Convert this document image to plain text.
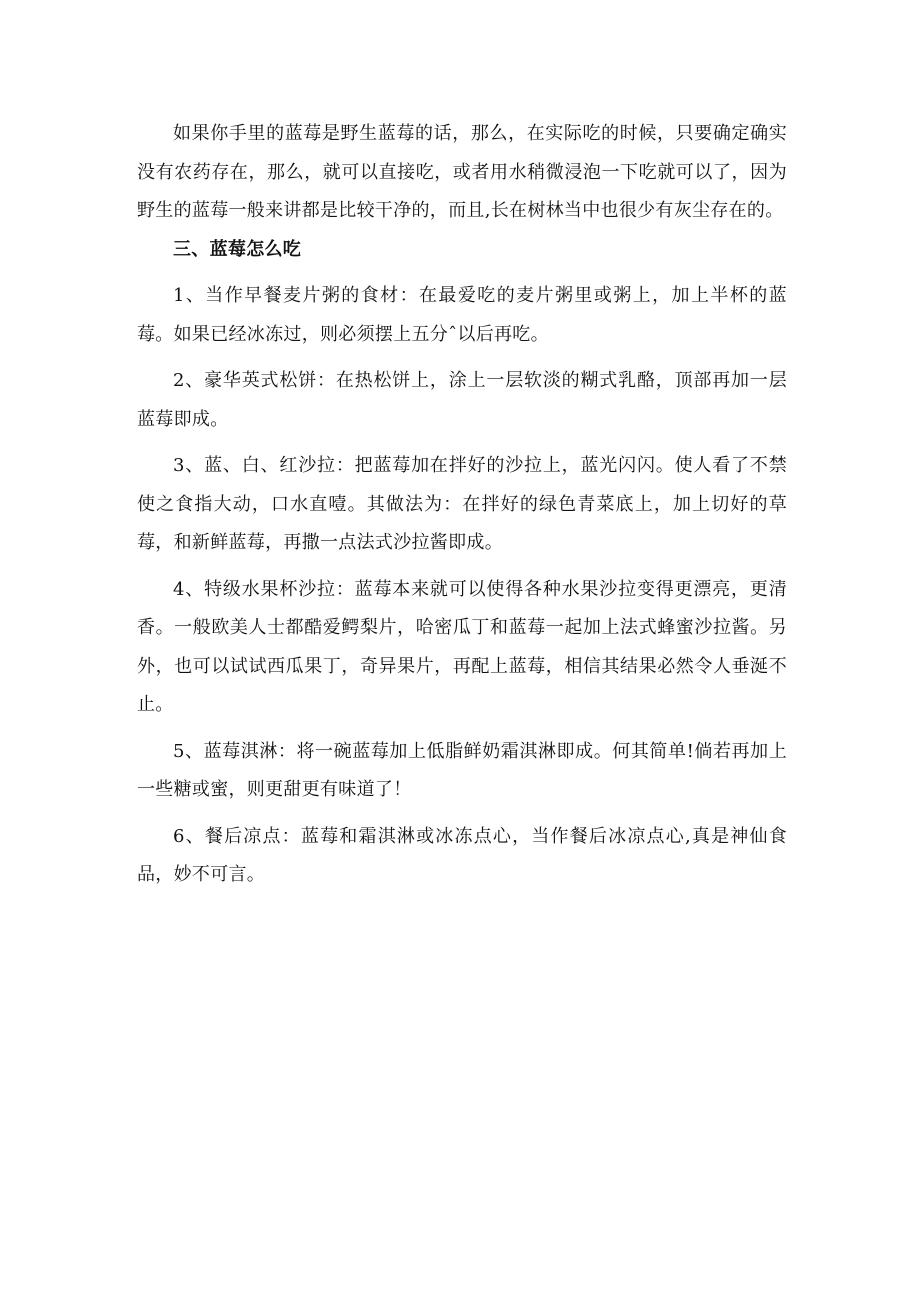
如果你手里的蓝莓是野生蓝莓的话，那么，在实际吃的时候，只要确定确实没有农药存在，那么，就可以直接吃，或者用水稍微浸泡一下吃就可以了，因为野生的蓝莓一般来讲都是比较干净的，而且,长在树林当中也很少有灰尘存在的。

三、蓝莓怎么吃

1、当作早餐麦片粥的食材：在最爱吃的麦片粥里或粥上，加上半杯的蓝莓。如果已经冰冻过，则必须摆上五分ˆ以后再吃。

2、豪华英式松饼：在热松饼上，涂上一层软淡的糊式乳酪，顶部再加一层蓝莓即成。

3、蓝、白、红沙拉：把蓝莓加在拌好的沙拉上，蓝光闪闪。使人看了不禁使之食指大动，口水直噎。其做法为：在拌好的绿色青菜底上，加上切好的草莓，和新鲜蓝莓，再撒一点法式沙拉酱即成。

4、特级水果杯沙拉：蓝莓本来就可以使得各种水果沙拉变得更漂亮，更清香。一般欧美人士都酷爱鳄梨片，哈密瓜丁和蓝莓一起加上法式蜂蜜沙拉酱。另外，也可以试试西瓜果丁，奇异果片，再配上蓝莓，相信其结果必然令人垂涎不止。

5、蓝莓淇淋：将一碗蓝莓加上低脂鲜奶霜淇淋即成。何其简单!倘若再加上一些糖或蜜，则更甜更有味道了！

6、餐后凉点：蓝莓和霜淇淋或冰冻点心，当作餐后冰凉点心,真是神仙食品，妙不可言。
